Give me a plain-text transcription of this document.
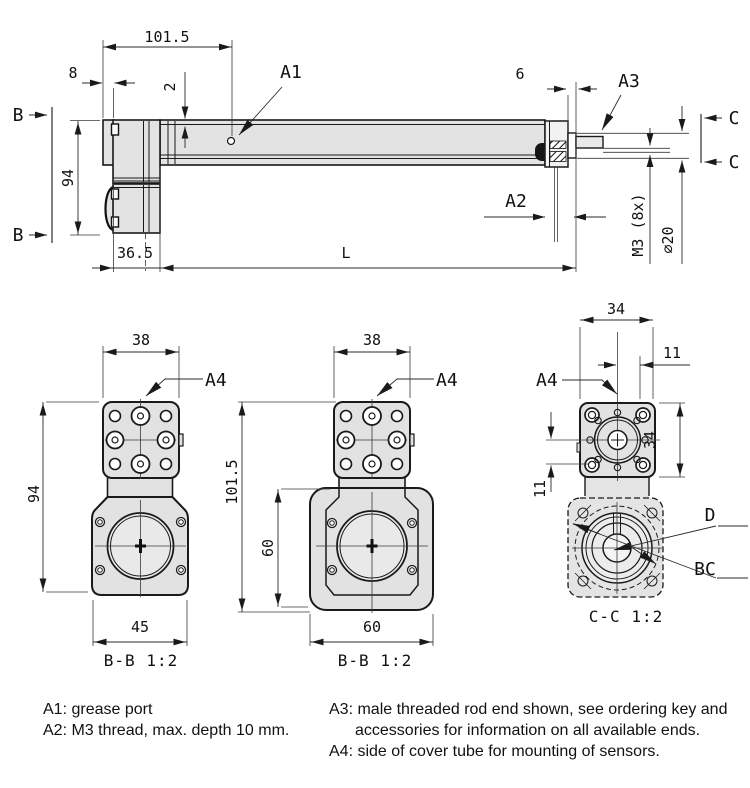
101.5
8
2
94
B
B
36.5	L
6	A3
A2
A1
M3 (8x) ⌀20
C
C
38
A4
94
45
B-B 1:2
101.5
38
A4
60
60
B-B 1:2
34
11
A4
11
34
D
BC
C-C 1:2
A1: grease port
A2: M3 thread, max. depth 10 mm.
A3: male threaded rod end shown, see ordering key and
accessories for information on all available ends.
A4: side of cover tube for mounting of sensors.
